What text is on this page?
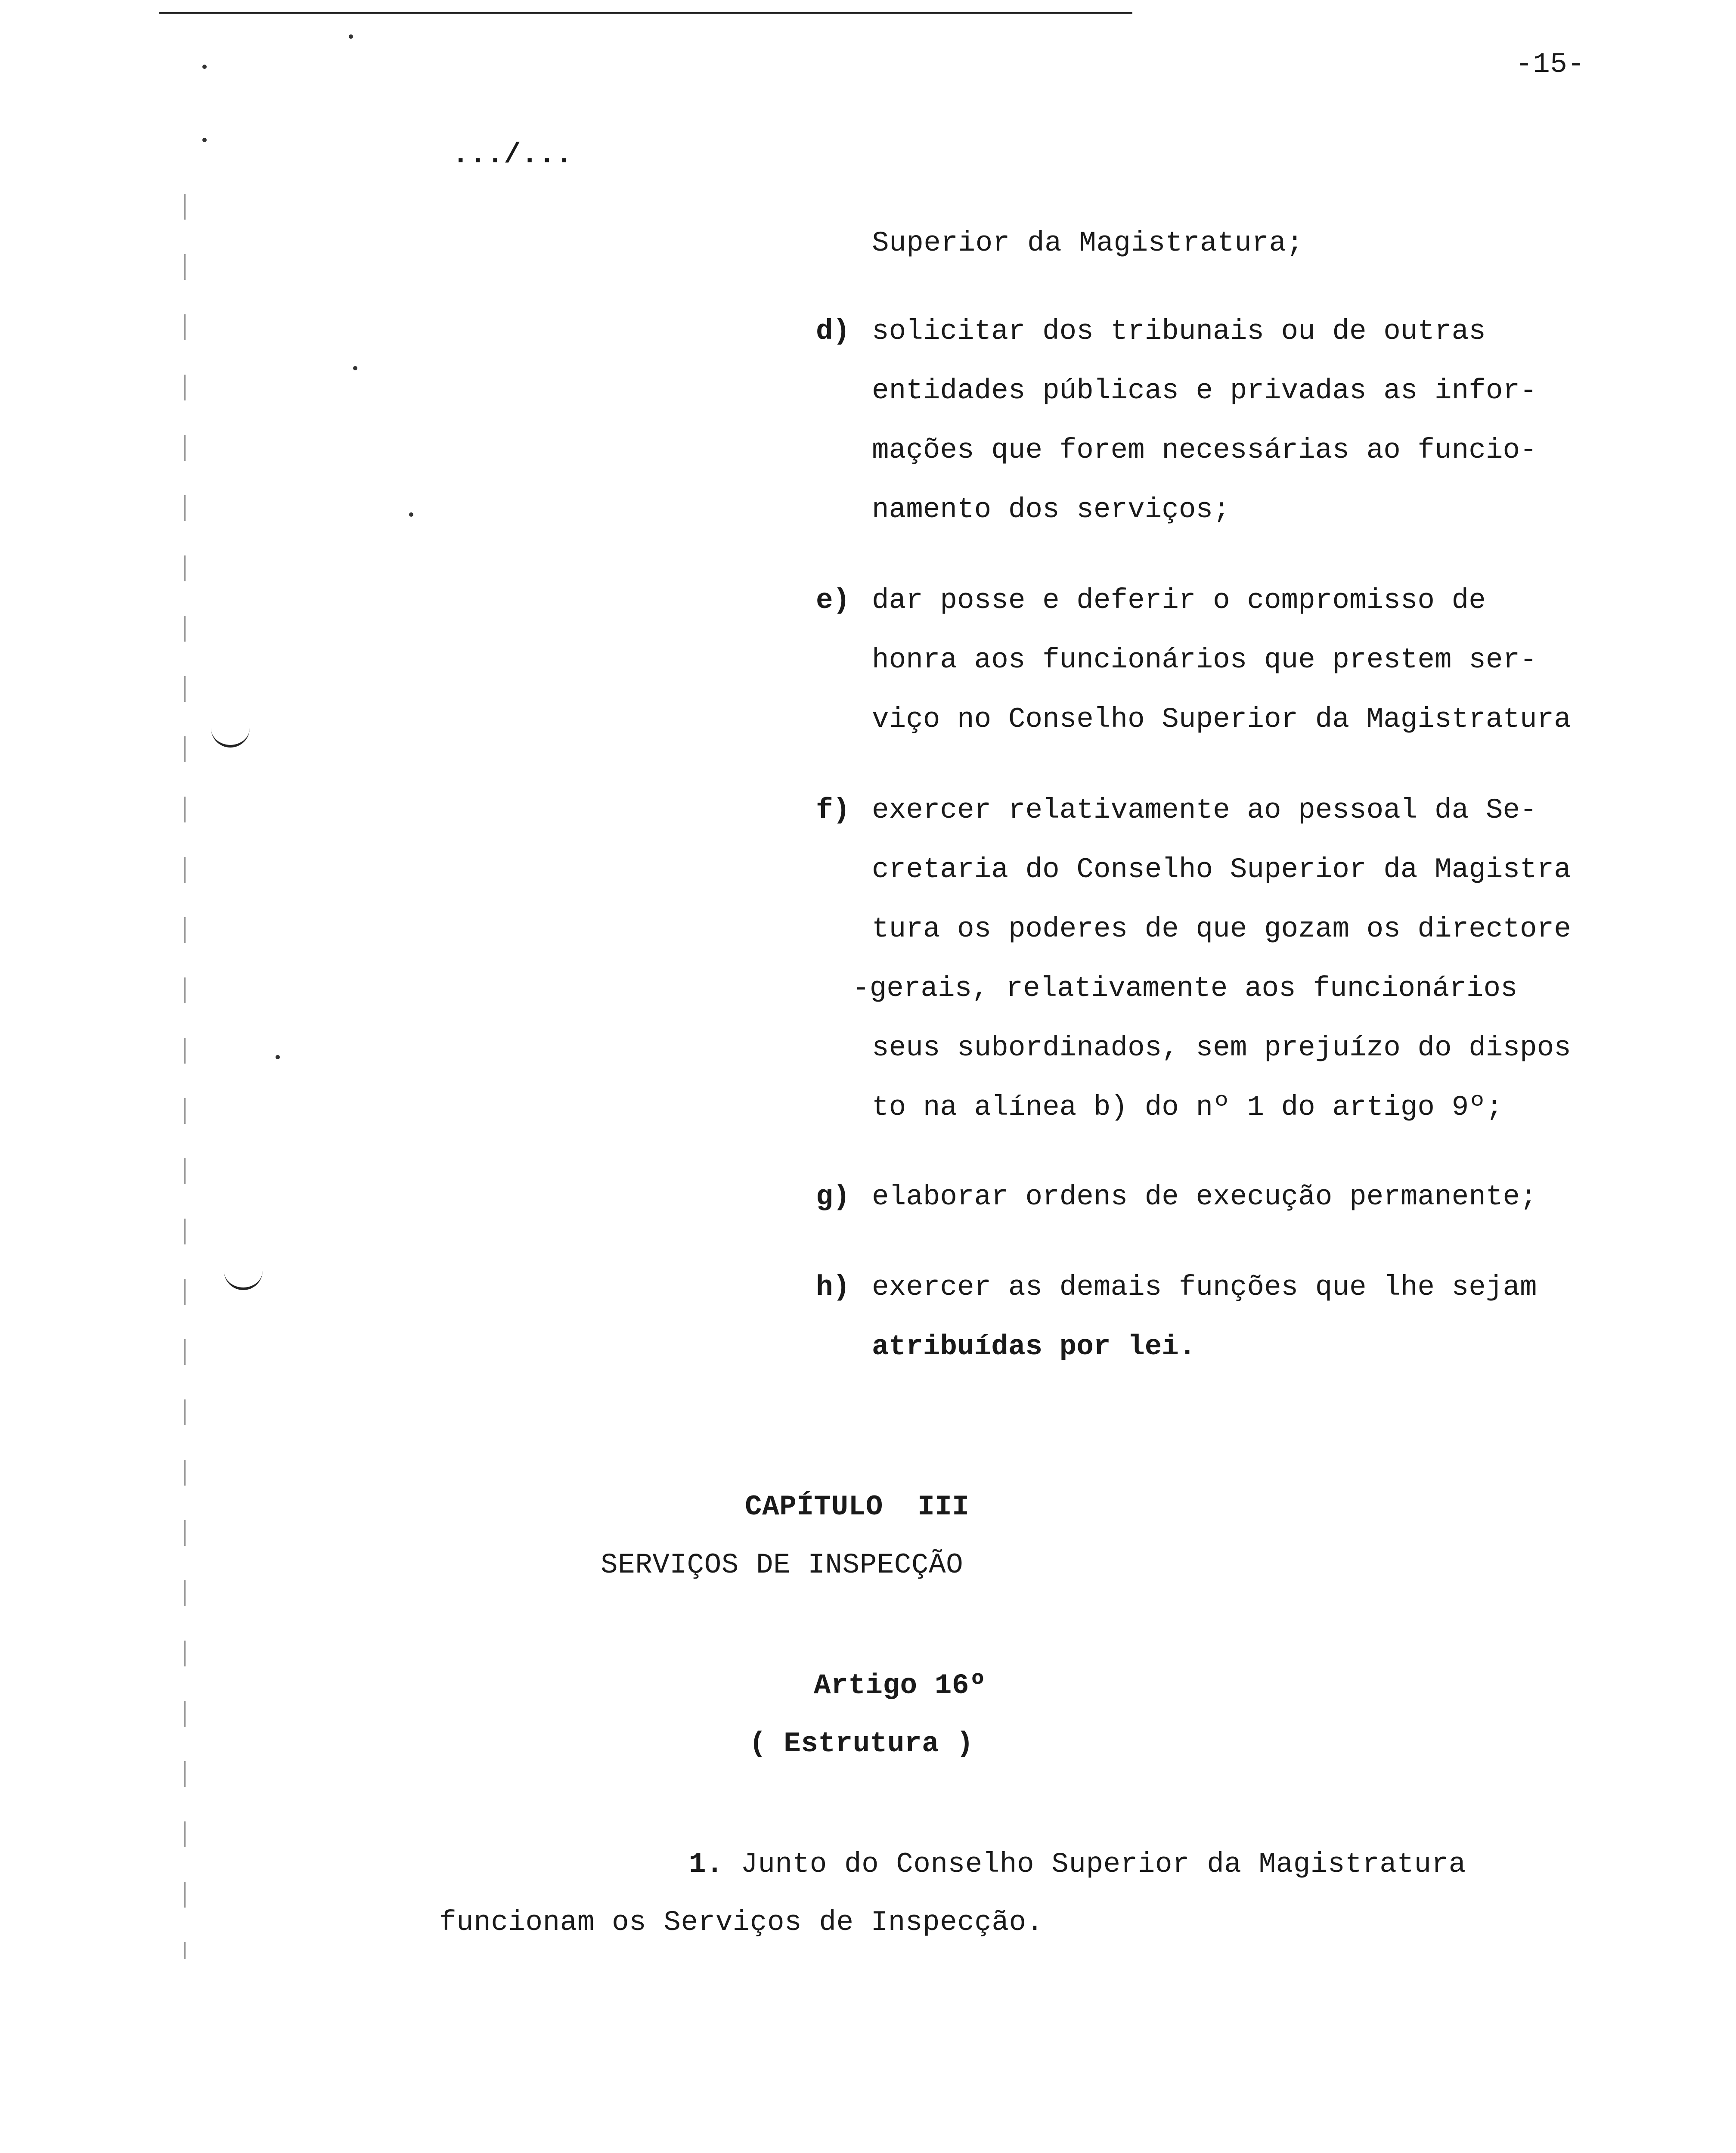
-15-
.../...
Superior da Magistratura;
d) solicitar dos tribunais ou de outras
entidades públicas e privadas as infor-
mações que forem necessárias ao funcio-
namento dos serviços;
e) dar posse e deferir o compromisso de
honra aos funcionários que prestem ser-
viço no Conselho Superior da Magistratura
f) exercer relativamente ao pessoal da Se-
cretaria do Conselho Superior da Magistra
tura os poderes de que gozam os directore
-gerais, relativamente aos funcionários
seus subordinados, sem prejuízo do dispos
to na alínea b) do nº 1 do artigo 9º;
g) elaborar ordens de execução permanente;
h) exercer as demais funções que lhe sejam
atribuídas por lei.
CAPÍTULO  III
SERVIÇOS DE INSPECÇÃO
Artigo 16º
( Estrutura )
1. Junto do Conselho Superior da Magistratura
funcionam os Serviços de Inspecção.
